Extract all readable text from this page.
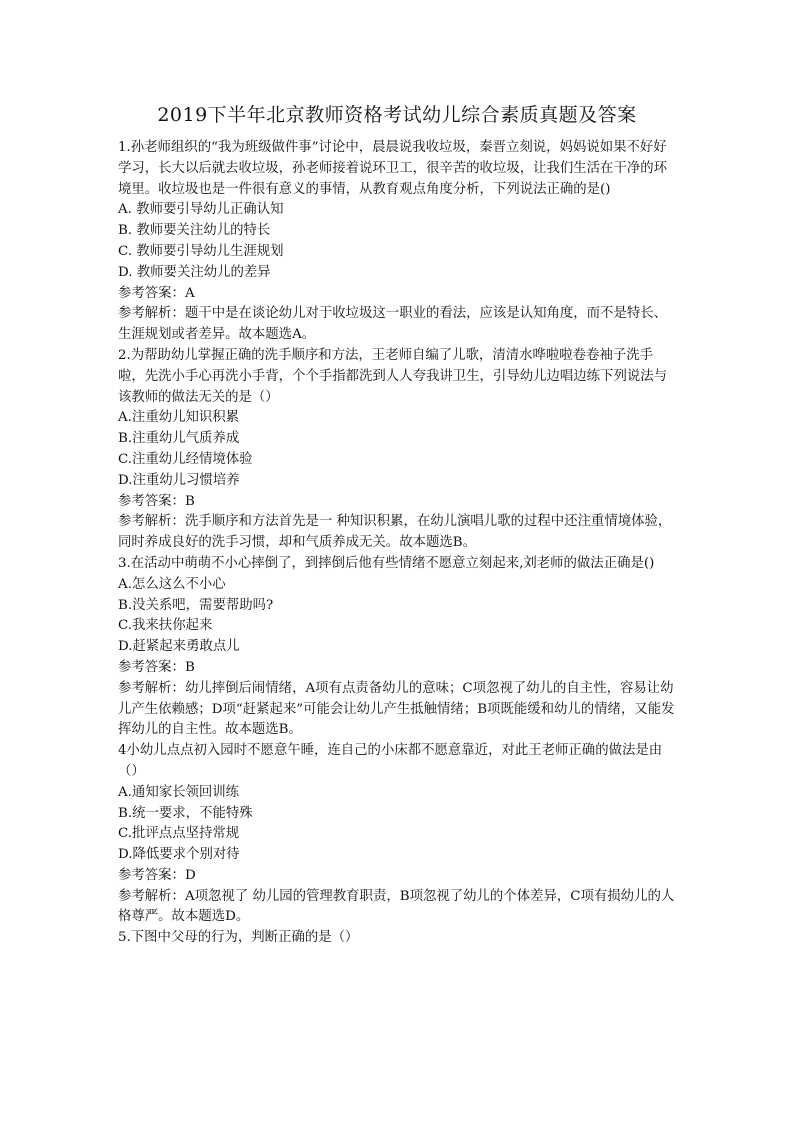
2019下半年北京教师资格考试幼儿综合素质真题及答案

1.孙老师组织的“我为班级做件事”讨论中，晨晨说我收垃圾，秦晋立刻说，妈妈说如果不好好学习，长大以后就去收垃圾，孙老师接着说环卫工，很辛苦的收垃圾，让我们生活在干净的环境里。收垃圾也是一件很有意义的事情，从教育观点角度分析，下列说法正确的是()

A. 教师要引导幼儿正确认知

B. 教师要关注幼儿的特长

C. 教师要引导幼儿生涯规划

D. 教师要关注幼儿的差异

参考答案：A

参考解析：题干中是在谈论幼儿对于收垃圾这一职业的看法，应该是认知角度，而不是特长、生涯规划或者差异。故本题选A。

2.为帮助幼儿掌握正确的洗手顺序和方法，王老师自编了儿歌，清清水哗啦啦卷卷袖子洗手啦，先洗小手心再洗小手背，个个手指都洗到人人夸我讲卫生，引导幼儿边唱边练下列说法与该教师的做法无关的是（）

A.注重幼儿知识积累

B.注重幼儿气质养成

C.注重幼儿经情境体验

D.注重幼儿习惯培养

参考答案：B

参考解析：洗手顺序和方法首先是一 种知识积累，在幼儿演唱儿歌的过程中还注重情境体验，同时养成良好的洗手习惯，却和气质养成无关。故本题选B。

3.在活动中萌萌不小心摔倒了，到摔倒后他有些情绪不愿意立刻起来,刘老师的做法正确是()

A.怎么这么不小心

B.没关系吧，需要帮助吗?

C.我来扶你起来

D.赶紧起来勇敢点儿

参考答案：B

参考解析：幼儿摔倒后闹情绪，A项有点责备幼儿的意味；C项忽视了幼儿的自主性，容易让幼儿产生依赖感；D项“赶紧起来”可能会让幼儿产生抵触情绪；B项既能缓和幼儿的情绪，又能发挥幼儿的自主性。故本题选B。

4小幼儿点点初入园时不愿意午睡，连自己的小床都不愿意靠近，对此王老师正确的做法是由（）

A.通知家长领回训练

B.统一要求，不能特殊

C.批评点点坚持常规

D.降低要求个别对待

参考答案：D

参考解析：A项忽视了 幼儿园的管理教育职责，B项忽视了幼儿的个体差异，C项有损幼儿的人格尊严。故本题选D。

5.下图中父母的行为，判断正确的是（）
